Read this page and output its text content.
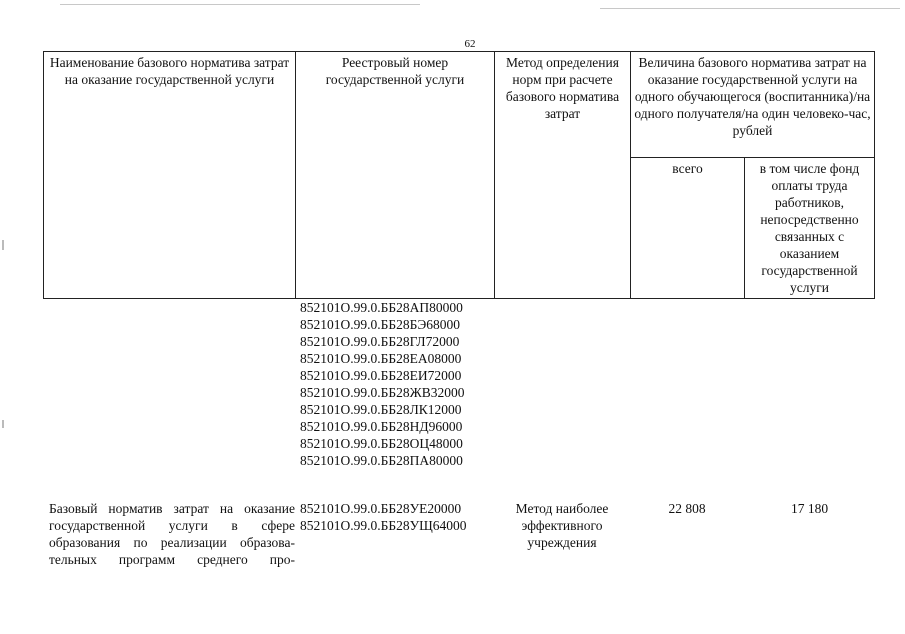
62
Наименование базового норматива затрат на оказание государственной услуги
Реестровый номер государственной услуги
Метод определения норм при расчете базового норматива затрат
Величина базового норматива затрат на оказание государственной услуги на одного обучающегося (воспитанника)/на одного получателя/на один человеко-час, рублей
всего	в том числе фонд оплаты труда работников, непосредственно связанных с оказанием государственной услуги
852101О.99.0.ББ28АП80000
852101О.99.0.ББ28БЭ68000
852101О.99.0.ББ28ГЛ72000
852101О.99.0.ББ28ЕА08000
852101О.99.0.ББ28ЕИ72000
852101О.99.0.ББ28ЖВ32000
852101О.99.0.ББ28ЛК12000
852101О.99.0.ББ28НД96000
852101О.99.0.ББ28ОЦ48000
852101О.99.0.ББ28ПА80000
Базовый норматив затрат на оказание
государственной услуги в сфере
образования по реализации образова-
тельных программ среднего про-
852101О.99.0.ББ28УЕ20000
852101О.99.0.ББ28УЩ64000
Метод наиболее эффективного учреждения
22 808	17 180
